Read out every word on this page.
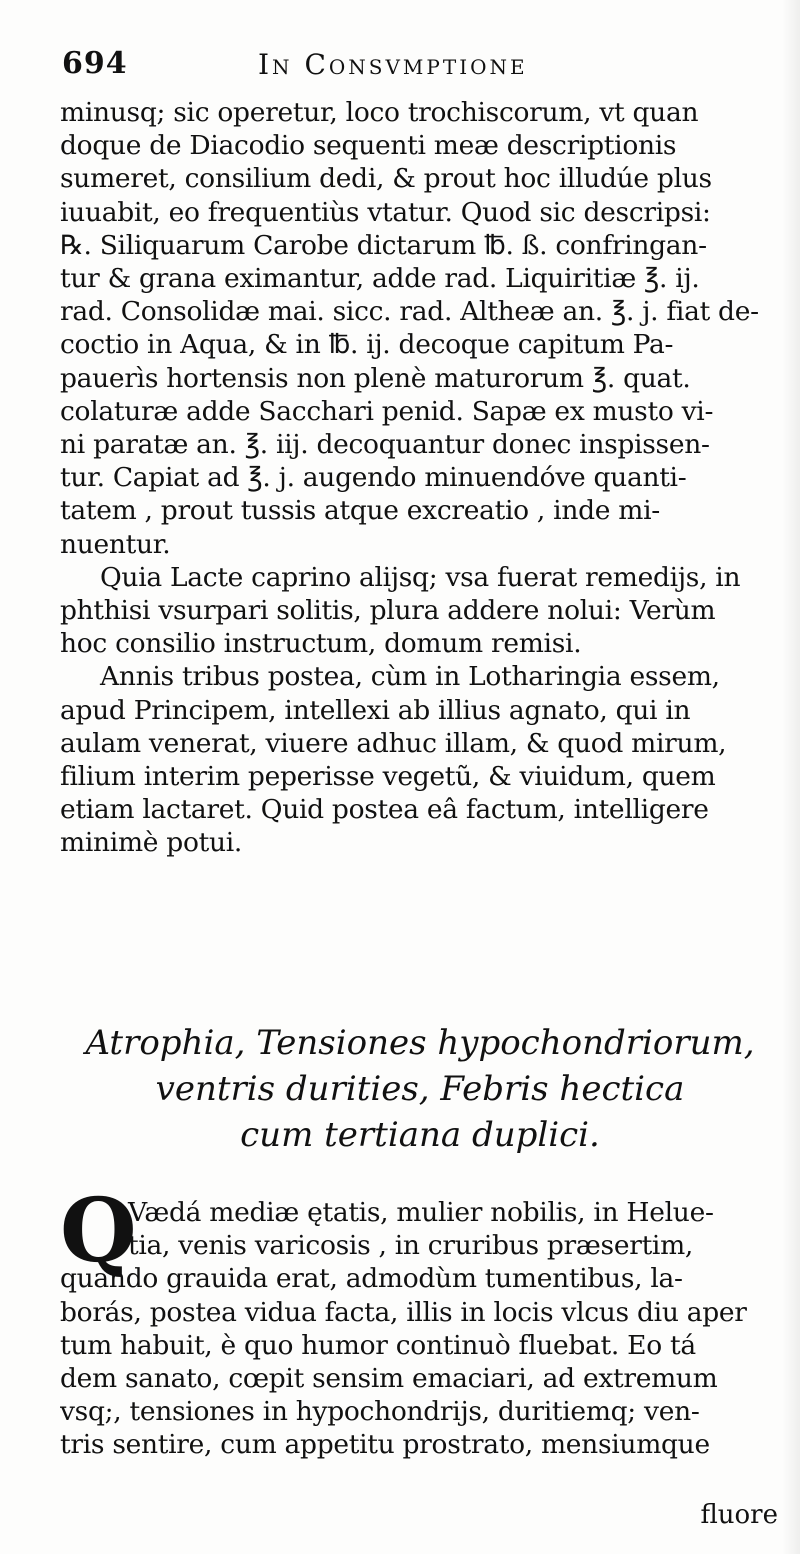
694	In Consvmptione
minusq; sic operetur, loco trochiscorum, vt quan
doque de Diacodio sequenti meæ descriptionis
sumeret, consilium dedi, & prout hoc illudúe plus
iuuabit, eo frequentiùs vtatur. Quod sic descripsi:
℞. Siliquarum Carobe dictarum ℔. ß. confringan-
tur & grana eximantur, adde rad. Liquiritiæ ℥. ij.
rad. Consolidæ mai. sicc. rad. Altheæ an. ℥. j. fiat de-
coctio in Aqua, & in ℔. ij. decoque capitum Pa-
pauerìs hortensis non plenè maturorum ℥. quat.
colaturæ adde Sacchari penid. Sapæ ex musto vi-
ni paratæ an. ℥. iij. decoquantur donec inspissen-
tur. Capiat ad ℥. j. augendo minuendóve quanti-
tatem , prout tussis atque excreatio , inde mi-
nuentur.
Quia Lacte caprino alijsq; vsa fuerat remedijs, in
phthisi vsurpari solitis, plura addere nolui: Verùm
hoc consilio instructum, domum remisi.
Annis tribus postea, cùm in Lotharingia essem,
apud Principem, intellexi ab illius agnato, qui in
aulam venerat, viuere adhuc illam, & quod mirum,
filium interim peperisse vegetũ, & viuidum, quem
etiam lactaret. Quid postea eâ factum, intelligere
minimè potui.
Atrophia, Tensiones hypochondriorum,
ventris durities, Febris hectica
cum tertiana duplici.
Q
Vædá mediæ ętatis, mulier nobilis, in Helue-
tia, venis varicosis , in cruribus præsertim,
quando grauida erat, admodùm tumentibus, la-
borás, postea vidua facta, illis in locis vlcus diu aper
tum habuit, è quo humor continuò fluebat. Eo tá
dem sanato, cœpit sensim emaciari, ad extremum
vsq;, tensiones in hypochondrijs, duritiemq; ven-
tris sentire, cum appetitu prostrato, mensiumque
fluore
